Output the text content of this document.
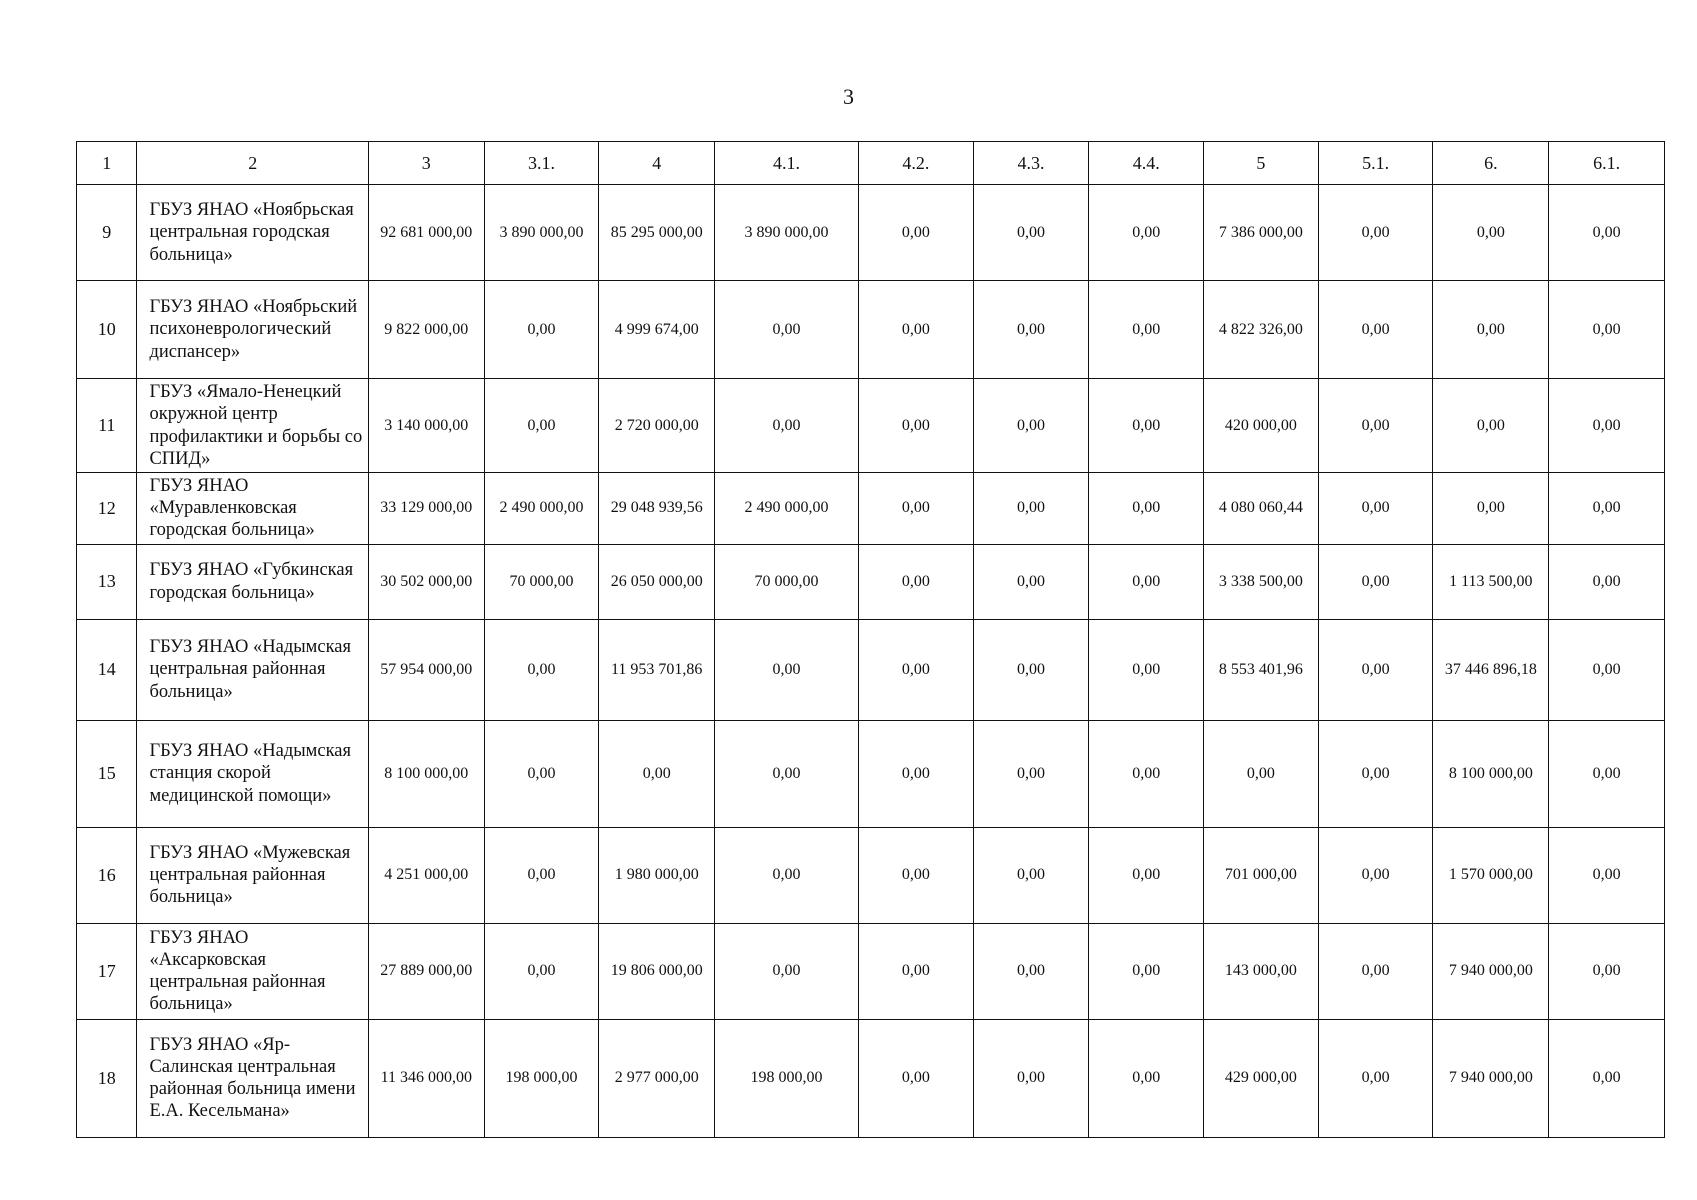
3
1	2	3	3.1.	4	4.1.	4.2.	4.3.	4.4.	5	5.1.	6.	6.1.
9	ГБУЗ ЯНАО «Ноябрьская центральная городская больница»	92 681 000,00	3 890 000,00	85 295 000,00	3 890 000,00	0,00	0,00	0,00	7 386 000,00	0,00	0,00	0,00
10	ГБУЗ ЯНАО «Ноябрьский психоневрологический диспансер»	9 822 000,00	0,00	4 999 674,00	0,00	0,00	0,00	0,00	4 822 326,00	0,00	0,00	0,00
11	ГБУЗ «Ямало-Ненецкий окружной центр профилактики и борьбы со СПИД»	3 140 000,00	0,00	2 720 000,00	0,00	0,00	0,00	0,00	420 000,00	0,00	0,00	0,00
12	ГБУЗ ЯНАО «Муравленковская городская больница»	33 129 000,00	2 490 000,00	29 048 939,56	2 490 000,00	0,00	0,00	0,00	4 080 060,44	0,00	0,00	0,00
13	ГБУЗ ЯНАО «Губкинская городская больница»	30 502 000,00	70 000,00	26 050 000,00	70 000,00	0,00	0,00	0,00	3 338 500,00	0,00	1 113 500,00	0,00
14	ГБУЗ ЯНАО «Надымская центральная районная больница»	57 954 000,00	0,00	11 953 701,86	0,00	0,00	0,00	0,00	8 553 401,96	0,00	37 446 896,18	0,00
15	ГБУЗ ЯНАО «Надымская станция скорой медицинской помощи»	8 100 000,00	0,00	0,00	0,00	0,00	0,00	0,00	0,00	0,00	8 100 000,00	0,00
16	ГБУЗ ЯНАО «Мужевская центральная районная больница»	4 251 000,00	0,00	1 980 000,00	0,00	0,00	0,00	0,00	701 000,00	0,00	1 570 000,00	0,00
17	ГБУЗ ЯНАО «Аксарковская центральная районная больница»	27 889 000,00	0,00	19 806 000,00	0,00	0,00	0,00	0,00	143 000,00	0,00	7 940 000,00	0,00
18	ГБУЗ ЯНАО «Яр-Салинская центральная районная больница имени Е.А. Кесельмана»	11 346 000,00	198 000,00	2 977 000,00	198 000,00	0,00	0,00	0,00	429 000,00	0,00	7 940 000,00	0,00
